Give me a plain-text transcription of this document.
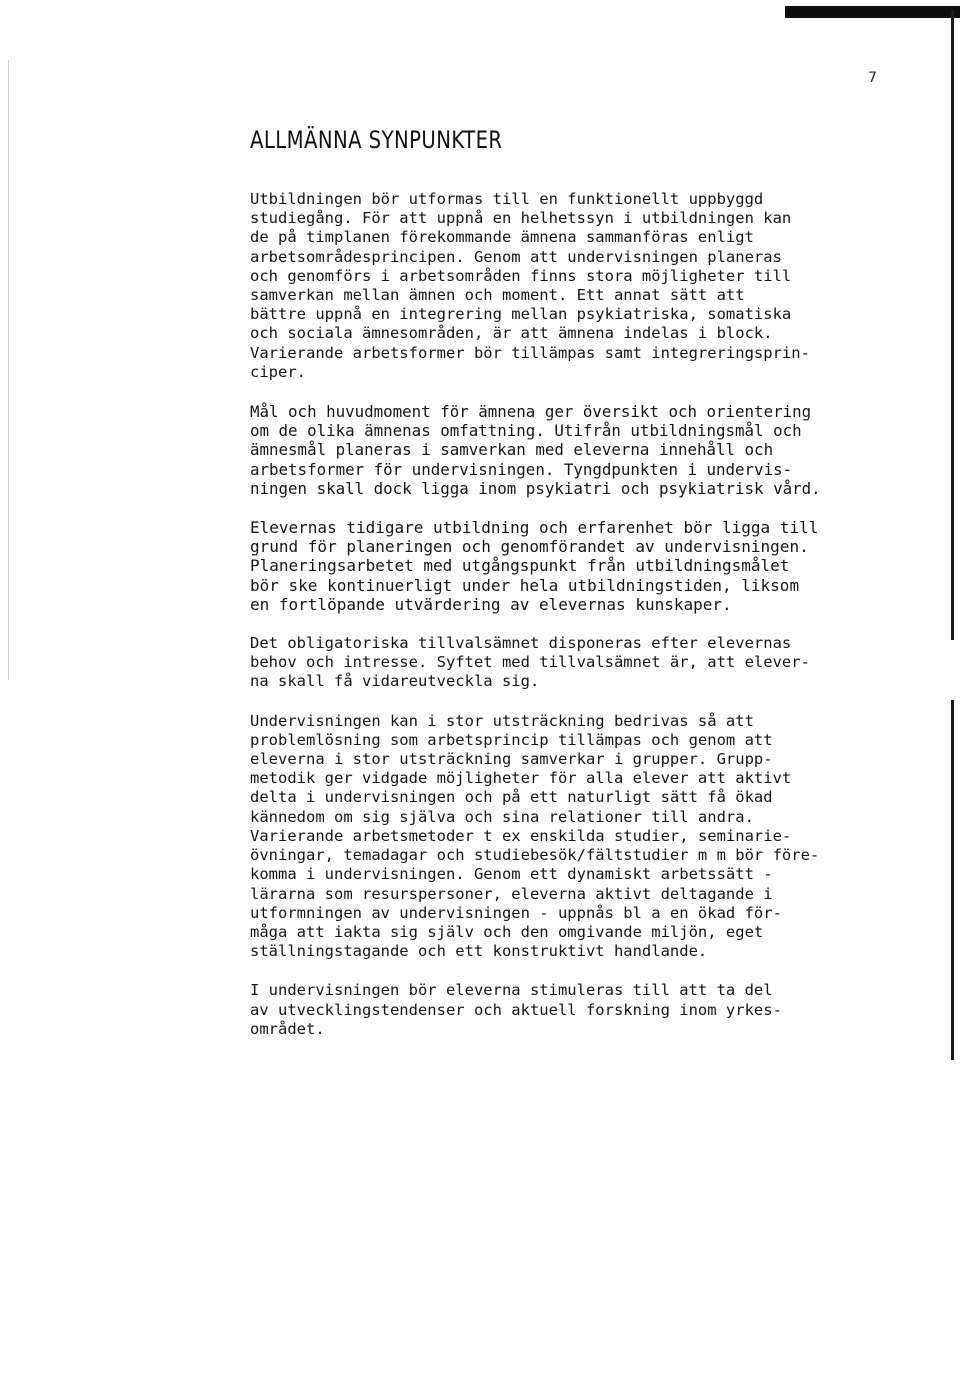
7
ALLMÄNNA SYNPUNKTER
Utbildningen bör utformas till en funktionellt uppbyggd
studiegång. För att uppnå en helhetssyn i utbildningen kan
de på timplanen förekommande ämnena sammanföras enligt
arbetsområdesprincipen. Genom att undervisningen planeras
och genomförs i arbetsområden finns stora möjligheter till
samverkan mellan ämnen och moment. Ett annat sätt att
bättre uppnå en integrering mellan psykiatriska, somatiska
och sociala ämnesområden, är att ämnena indelas i block.
Varierande arbetsformer bör tillämpas samt integreringsprin-
ciper.
Mål och huvudmoment för ämnena ger översikt och orientering
om de olika ämnenas omfattning. Utifrån utbildningsmål och
ämnesmål planeras i samverkan med eleverna innehåll och
arbetsformer för undervisningen. Tyngdpunkten i undervis-
ningen skall dock ligga inom psykiatri och psykiatrisk vård.
Elevernas tidigare utbildning och erfarenhet bör ligga till
grund för planeringen och genomförandet av undervisningen.
Planeringsarbetet med utgångspunkt från utbildningsmålet
bör ske kontinuerligt under hela utbildningstiden, liksom
en fortlöpande utvärdering av elevernas kunskaper.
Det obligatoriska tillvalsämnet disponeras efter elevernas
behov och intresse. Syftet med tillvalsämnet är, att elever-
na skall få vidareutveckla sig.
Undervisningen kan i stor utsträckning bedrivas så att
problemlösning som arbetsprincip tillämpas och genom att
eleverna i stor utsträckning samverkar i grupper. Grupp-
metodik ger vidgade möjligheter för alla elever att aktivt
delta i undervisningen och på ett naturligt sätt få ökad
kännedom om sig själva och sina relationer till andra.
Varierande arbetsmetoder t ex enskilda studier, seminarie-
övningar, temadagar och studiebesök/fältstudier m m bör före-
komma i undervisningen. Genom ett dynamiskt arbetssätt -
lärarna som resurspersoner, eleverna aktivt deltagande i
utformningen av undervisningen - uppnås bl a en ökad för-
måga att iakta sig själv och den omgivande miljön, eget
ställningstagande och ett konstruktivt handlande.
I undervisningen bör eleverna stimuleras till att ta del
av utvecklingstendenser och aktuell forskning inom yrkes-
området.
